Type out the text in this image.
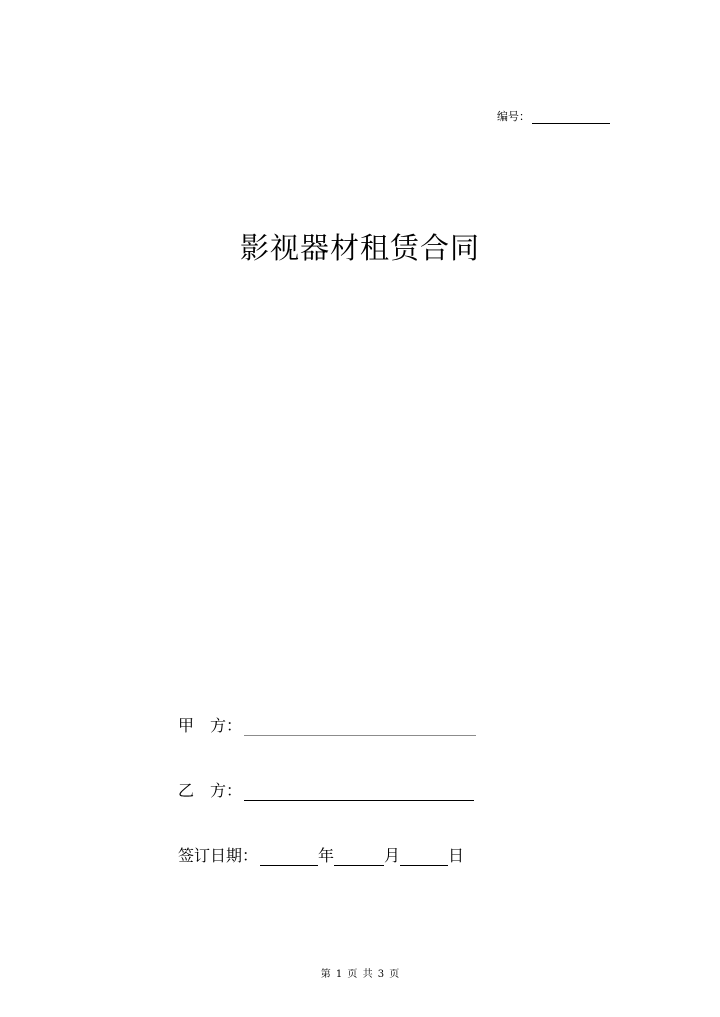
编号：
影视器材租赁合同
甲　方：
乙　方：
签订日期：	年	月	日
第 1 页 共 3 页
